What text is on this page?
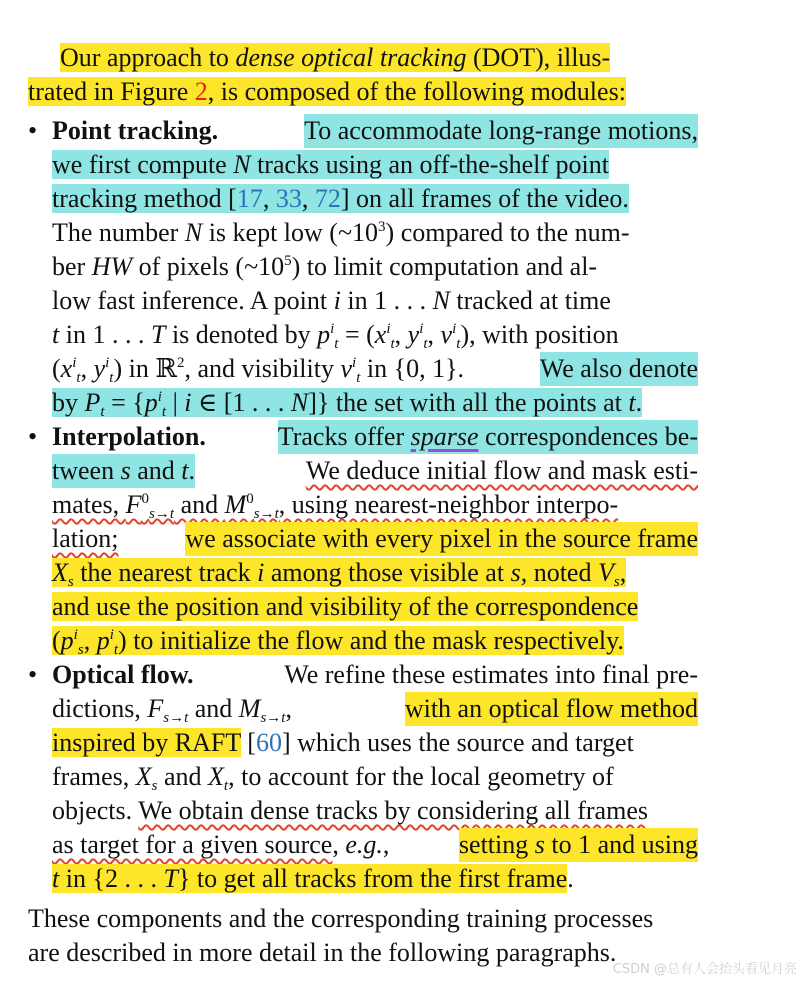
Our approach to dense optical tracking (DOT), illus-
trated in Figure 2, is composed of the following modules:
• Point tracking.	To accommodate long-range motions,
we first compute N tracks using an off-the-shelf point
tracking method [17, 33, 72] on all frames of the video.
The number N is kept low $(\sim 10^3)$ compared to the num-
ber HW of pixels $(\sim 10^5)$ to limit computation and al-
low fast inference. A point i in 1 . . . N tracked at time
t in 1 . . . T is denoted by $p^i_t = (x^i_t$, $y^i_t$, $v^i_t$), with position
($x^i_t$, $y^i_t$) in ℝ$^2$, and visibility $v^i_t$ in {0, 1}.	We also denote
by $P_t = \{p^i_t$ | i ∈ [1 . . . N]} the set with all the points at t.
• Interpolation.	Tracks offer sparse correspondences be-
tween s and t.	We deduce initial flow and mask esti-
mates, $F^0_{s\to t}$ and $M^0_{s\to t}$, using nearest-neighbor interpo-
lation;	we associate with every pixel in the source frame
$X_s$ the nearest track i among those visible at s, noted $V_s$,
and use the position and visibility of the correspondence
($p^i_s$, $p^i_t$) to initialize the flow and the mask respectively.
• Optical flow.	We refine these estimates into final pre-
dictions, $F_{s\to t}$ and $M_{s\to t}$,	with an optical flow method
inspired by RAFT [60] which uses the source and target
frames, $X_s$ and $X_t$, to account for the local geometry of
objects. We obtain dense tracks by considering all frames
as target for a given source, e.g.,	setting s to 1 and using
t in {2 . . . T} to get all tracks from the first frame.
These components and the corresponding training processes
are described in more detail in the following paragraphs.
CSDN @总有人会抬头看见月亮
